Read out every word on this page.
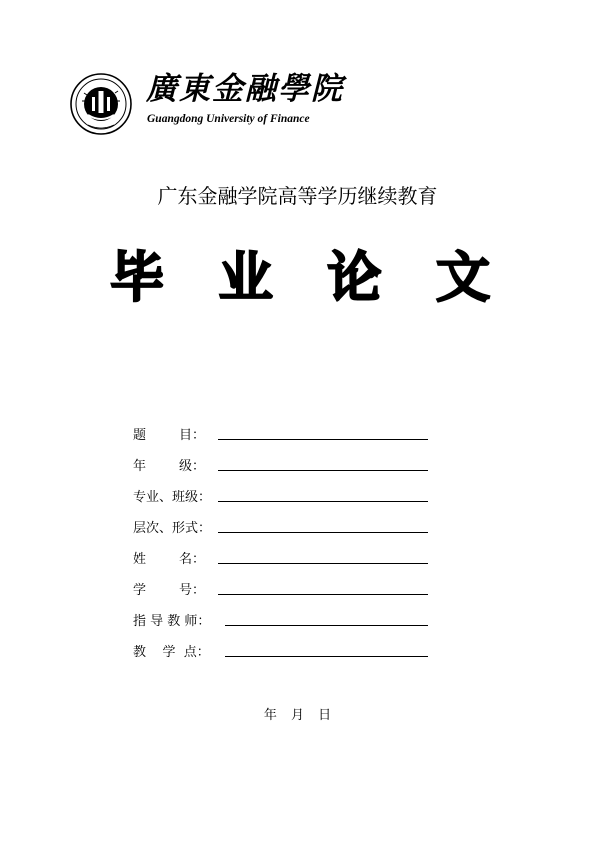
廣東金融學院
Guangdong University of Finance
广东金融学院高等学历继续教育
毕 业 论 文
题        目：
年        级：
专业、班级：
层次、形式：
姓        名：
学        号：
指 导 教 师：
教    学  点：
年 月 日
